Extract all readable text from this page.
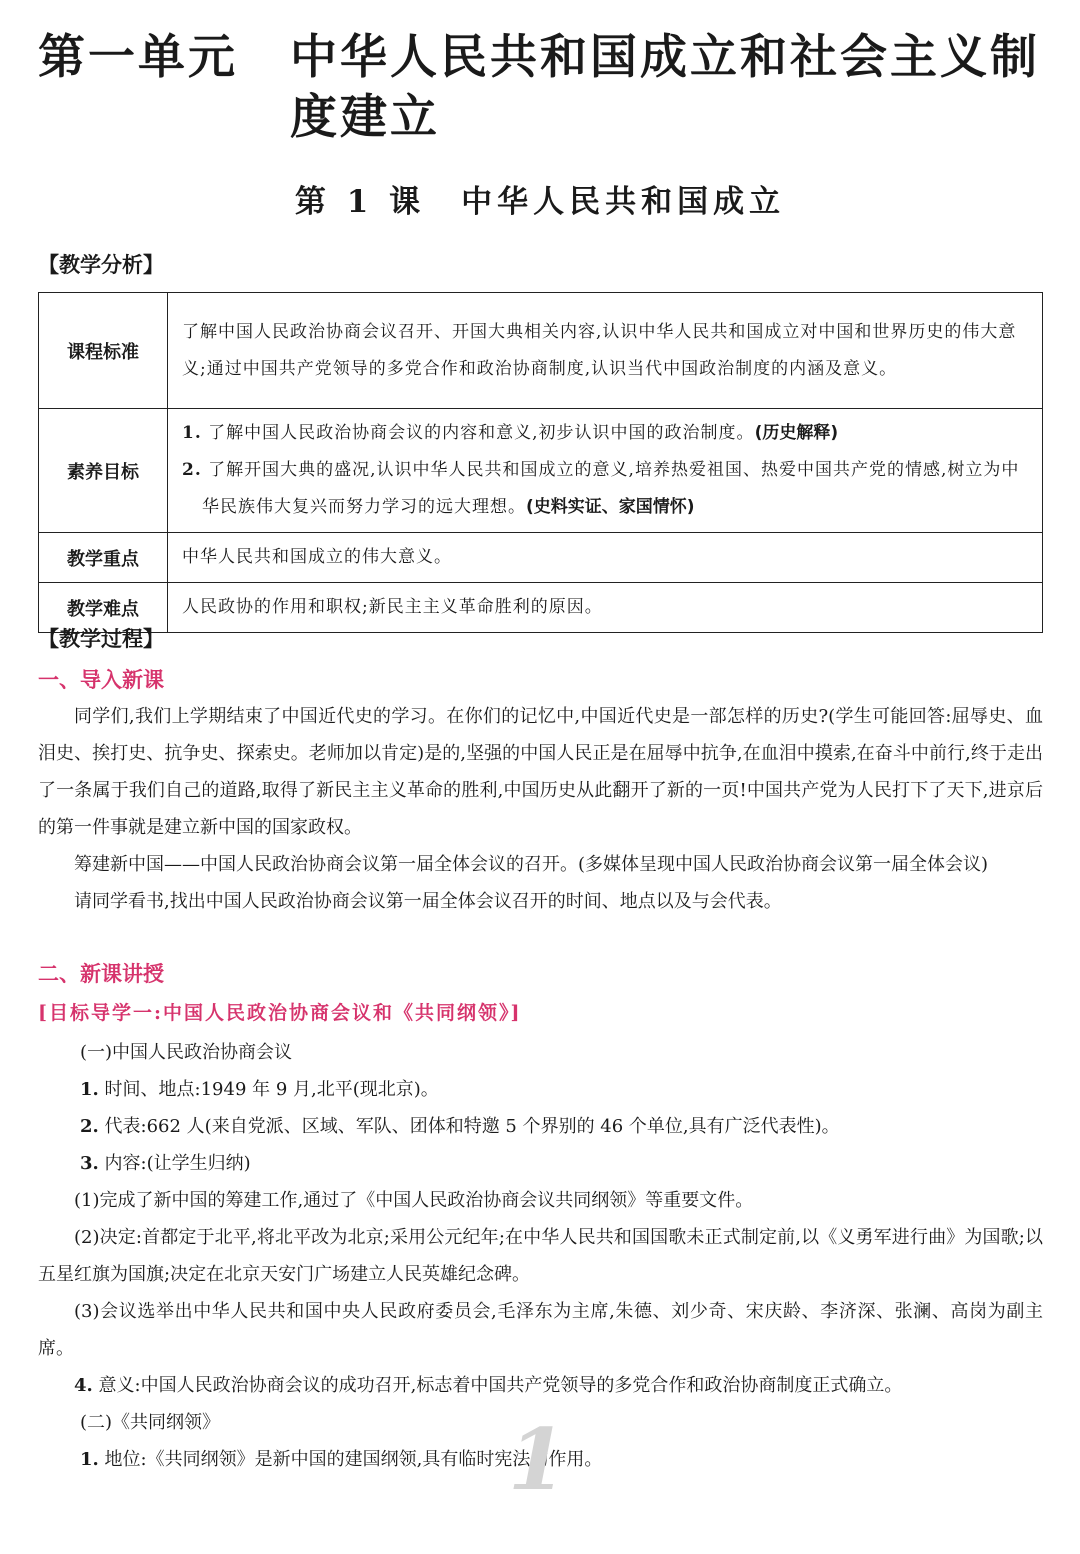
第一单元 中华人民共和国成立和社会主义制度建立
第 1 课 中华人民共和国成立
【教学分析】
课程标准	了解中国人民政治协商会议召开、开国大典相关内容,认识中华人民共和国成立对中国和世界历史的伟大意义;通过中国共产党领导的多党合作和政治协商制度,认识当代中国政治制度的内涵及意义。
素养目标	1. 了解中国人民政治协商会议的内容和意义,初步认识中国的政治制度。(历史解释)
2. 了解开国大典的盛况,认识中华人民共和国成立的意义,培养热爱祖国、热爱中国共产党的情感,树立为中华民族伟大复兴而努力学习的远大理想。(史料实证、家国情怀)

教学重点	中华人民共和国成立的伟大意义。
教学难点	人民政协的作用和职权;新民主主义革命胜利的原因。
【教学过程】
一、导入新课
同学们,我们上学期结束了中国近代史的学习。在你们的记忆中,中国近代史是一部怎样的历史?(学生可能回答:屈辱史、血泪史、挨打史、抗争史、探索史。老师加以肯定)是的,坚强的中国人民正是在屈辱中抗争,在血泪中摸索,在奋斗中前行,终于走出了一条属于我们自己的道路,取得了新民主主义革命的胜利,中国历史从此翻开了新的一页!中国共产党为人民打下了天下,进京后的第一件事就是建立新中国的国家政权。
筹建新中国——中国人民政治协商会议第一届全体会议的召开。(多媒体呈现中国人民政治协商会议第一届全体会议)
请同学看书,找出中国人民政治协商会议第一届全体会议召开的时间、地点以及与会代表。
二、新课讲授
[目标导学一:中国人民政治协商会议和《共同纲领》]
(一)中国人民政治协商会议
1. 时间、地点:1949 年 9 月,北平(现北京)。
2. 代表:662 人(来自党派、区域、军队、团体和特邀 5 个界别的 46 个单位,具有广泛代表性)。
3. 内容:(让学生归纳)
(1)完成了新中国的筹建工作,通过了《中国人民政治协商会议共同纲领》等重要文件。
(2)决定:首都定于北平,将北平改为北京;采用公元纪年;在中华人民共和国国歌未正式制定前,以《义勇军进行曲》为国歌;以五星红旗为国旗;决定在北京天安门广场建立人民英雄纪念碑。
(3)会议选举出中华人民共和国中央人民政府委员会,毛泽东为主席,朱德、刘少奇、宋庆龄、李济深、张澜、高岗为副主席。
4. 意义:中国人民政治协商会议的成功召开,标志着中国共产党领导的多党合作和政治协商制度正式确立。
(二)《共同纲领》
1. 地位:《共同纲领》是新中国的建国纲领,具有临时宪法的作用。
1
